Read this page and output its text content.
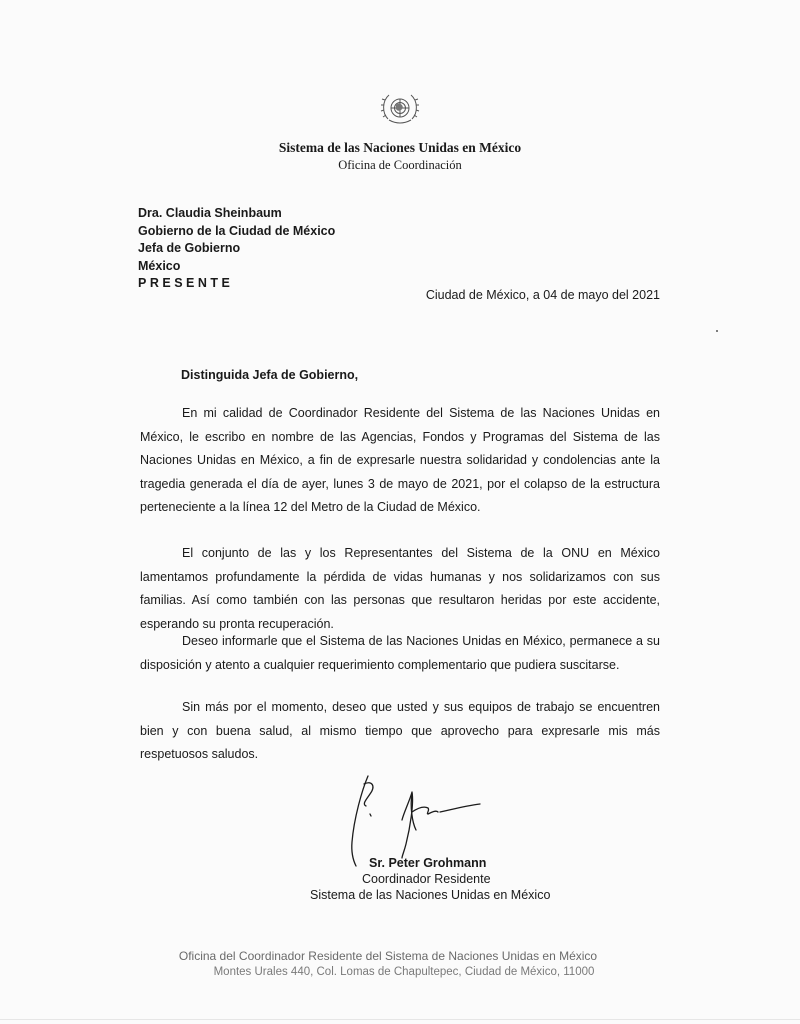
Sistema de las Naciones Unidas en México
Oficina de Coordinación
Dra. Claudia Sheinbaum
Gobierno de la Ciudad de México
Jefa de Gobierno
México
PRESENTE
Ciudad de México, a 04 de mayo del 2021
Distinguida Jefa de Gobierno,

En mi calidad de Coordinador Residente del Sistema de las Naciones Unidas en México, le escribo en nombre de las Agencias, Fondos y Programas del Sistema de las Naciones Unidas en México, a fin de expresarle nuestra solidaridad y condolencias ante la tragedia generada el día de ayer, lunes 3 de mayo de 2021, por el colapso de la estructura perteneciente a la línea 12 del Metro de la Ciudad de México.

El conjunto de las y los Representantes del Sistema de la ONU en México lamentamos profundamente la pérdida de vidas humanas y nos solidarizamos con sus familias. Así como también con las personas que resultaron heridas por este accidente, esperando su pronta recuperación.

Deseo informarle que el Sistema de las Naciones Unidas en México, permanece a su disposición y atento a cualquier requerimiento complementario que pudiera suscitarse.

Sin más por el momento, deseo que usted y sus equipos de trabajo se encuentren bien y con buena salud, al mismo tiempo que aprovecho para expresarle mis más respetuosos saludos.

Sr. Peter Grohmann
Coordinador Residente
Sistema de las Naciones Unidas en México
Oficina del Coordinador Residente del Sistema de Naciones Unidas en México
Montes Urales 440, Col. Lomas de Chapultepec, Ciudad de México, 11000
